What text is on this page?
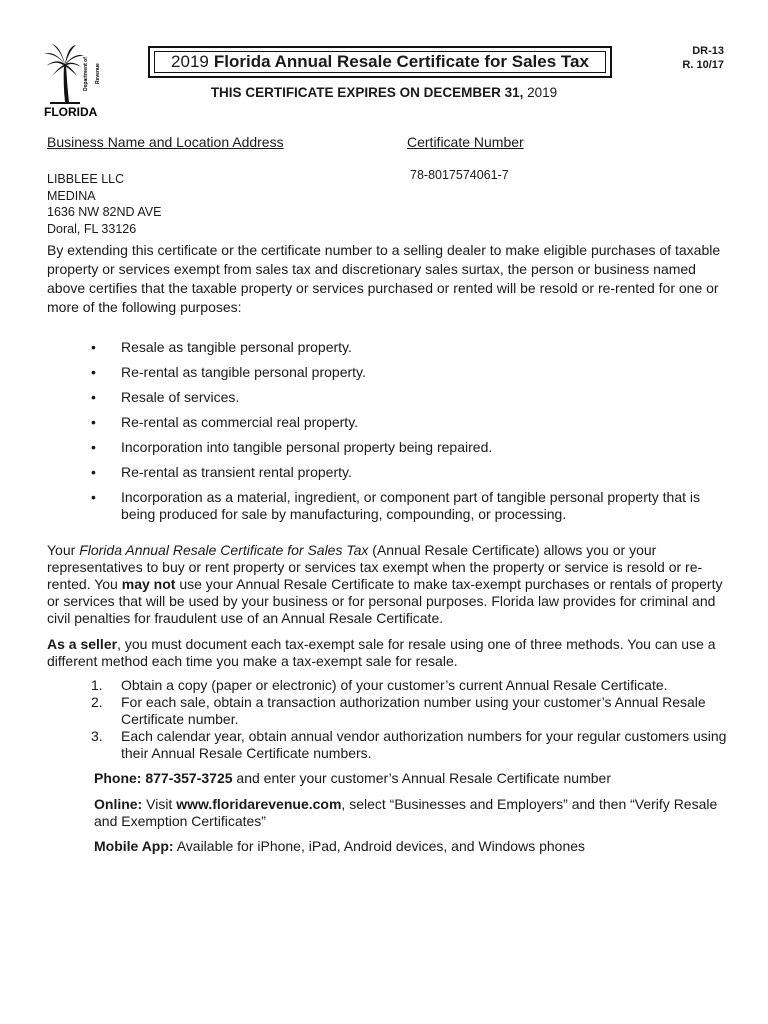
Department of Revenue
FLORIDA
2019 Florida Annual Resale Certificate for Sales Tax
DR-13
R. 10/17
THIS CERTIFICATE EXPIRES ON DECEMBER 31, 2019
Business Name and Location Address	Certificate Number
LIBBLEE LLC
MEDINA
1636 NW 82ND AVE
Doral, FL 33126
78-8017574061-7
By extending this certificate or the certificate number to a selling dealer to make eligible purchases of taxable property or services exempt from sales tax and discretionary sales surtax, the person or business named above certifies that the taxable property or services purchased or rented will be resold or re-rented for one or more of the following purposes:
• Resale as tangible personal property.
• Re-rental as tangible personal property.
• Resale of services.
• Re-rental as commercial real property.
• Incorporation into tangible personal property being repaired.
• Re-rental as transient rental property.
• Incorporation as a material, ingredient, or component part of tangible personal property that is being produced for sale by manufacturing, compounding, or processing.
Your Florida Annual Resale Certificate for Sales Tax (Annual Resale Certificate) allows you or your representatives to buy or rent property or services tax exempt when the property or service is resold or re-rented. You may not use your Annual Resale Certificate to make tax-exempt purchases or rentals of property or services that will be used by your business or for personal purposes. Florida law provides for criminal and civil penalties for fraudulent use of an Annual Resale Certificate.
As a seller, you must document each tax-exempt sale for resale using one of three methods. You can use a different method each time you make a tax-exempt sale for resale.
1. Obtain a copy (paper or electronic) of your customer’s current Annual Resale Certificate.
2. For each sale, obtain a transaction authorization number using your customer’s Annual Resale Certificate number.
3. Each calendar year, obtain annual vendor authorization numbers for your regular customers using their Annual Resale Certificate numbers.
Phone: 877-357-3725 and enter your customer’s Annual Resale Certificate number
Online: Visit www.floridarevenue.com, select “Businesses and Employers” and then “Verify Resale and Exemption Certificates”
Mobile App: Available for iPhone, iPad, Android devices, and Windows phones
